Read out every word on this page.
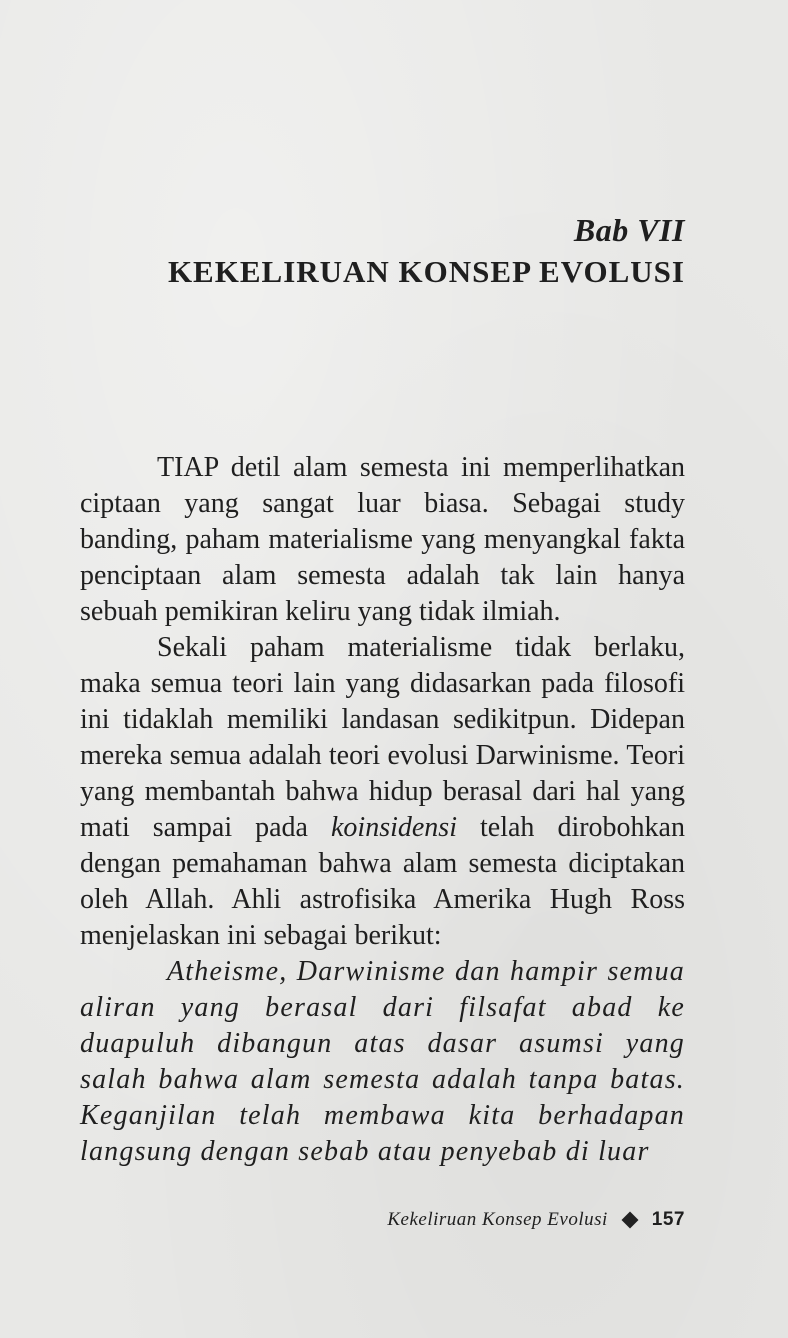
Bab VII
KEKELIRUAN KONSEP EVOLUSI

TIAP detil alam semesta ini memperlihatkan ciptaan yang sangat luar biasa. Sebagai study banding, paham materialisme yang menyangkal fakta penciptaan alam semesta adalah tak lain hanya sebuah pemikiran keliru yang tidak ilmiah.

Sekali paham materialisme tidak berlaku, maka semua teori lain yang didasarkan pada filosofi ini tidaklah memiliki landasan sedikitpun. Didepan mereka semua adalah teori evolusi Darwinisme. Teori yang membantah bahwa hidup berasal dari hal yang mati sampai pada koinsidensi telah dirobohkan dengan pemahaman bahwa alam semesta diciptakan oleh Allah. Ahli astrofisika Amerika Hugh Ross menjelaskan ini sebagai berikut:

Atheisme, Darwinisme dan hampir semua aliran yang berasal dari filsafat abad ke duapuluh dibangun atas dasar asumsi yang salah bahwa alam semesta adalah tanpa batas. Keganjilan telah membawa kita berhadapan langsung dengan sebab atau penyebab di luar

Kekeliruan Konsep Evolusi 157
